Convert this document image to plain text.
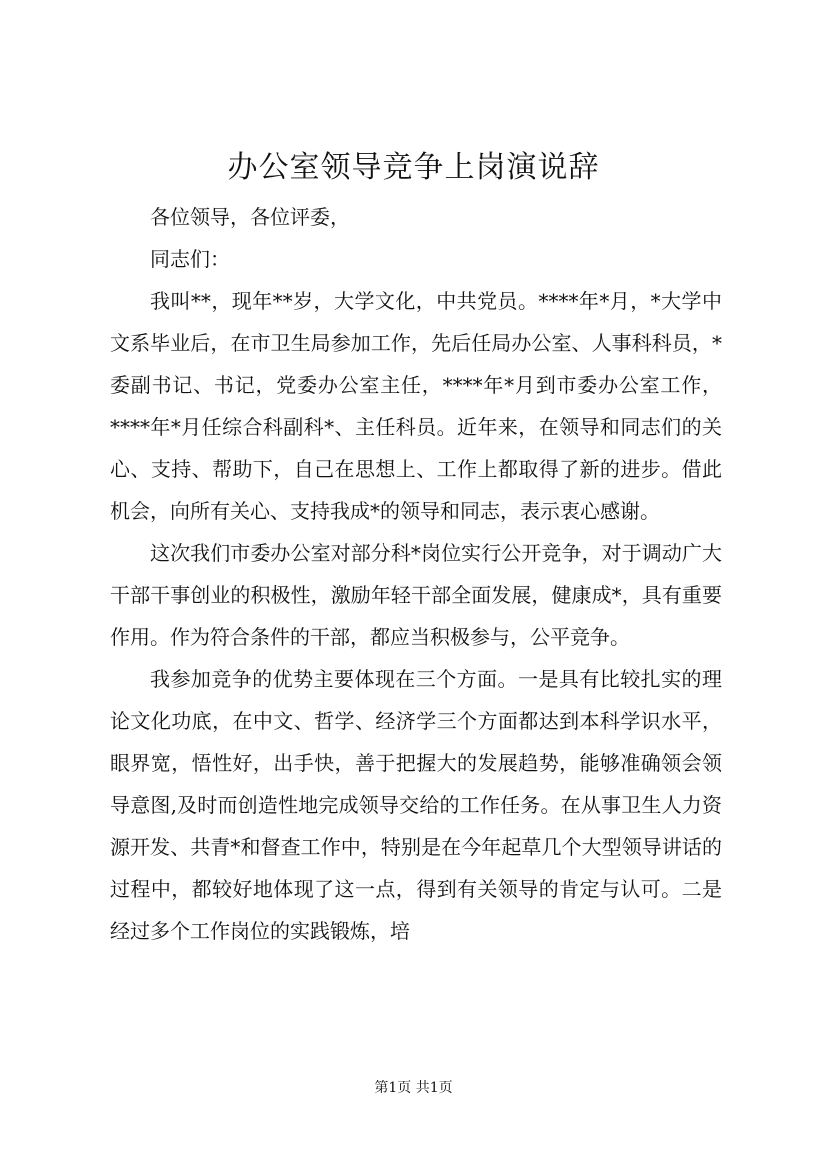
办公室领导竞争上岗演说辞

各位领导，各位评委，

同志们：

我叫**，现年**岁，大学文化，中共党员。****年*月，*大学中文系毕业后，在市卫生局参加工作，先后任局办公室、人事科科员，*委副书记、书记，党委办公室主任，****年*月到市委办公室工作，****年*月任综合科副科*、主任科员。近年来，在领导和同志们的关心、支持、帮助下，自己在思想上、工作上都取得了新的进步。借此机会，向所有关心、支持我成*的领导和同志，表示衷心感谢。

这次我们市委办公室对部分科*岗位实行公开竞争，对于调动广大干部干事创业的积极性，激励年轻干部全面发展，健康成*，具有重要作用。作为符合条件的干部，都应当积极参与，公平竞争。

我参加竞争的优势主要体现在三个方面。一是具有比较扎实的理论文化功底，在中文、哲学、经济学三个方面都达到本科学识水平，眼界宽，悟性好，出手快，善于把握大的发展趋势，能够准确领会领导意图,及时而创造性地完成领导交给的工作任务。在从事卫生人力资源开发、共青*和督查工作中，特别是在今年起草几个大型领导讲话的过程中，都较好地体现了这一点，得到有关领导的肯定与认可。二是经过多个工作岗位的实践锻炼，培

第1页 共1页
